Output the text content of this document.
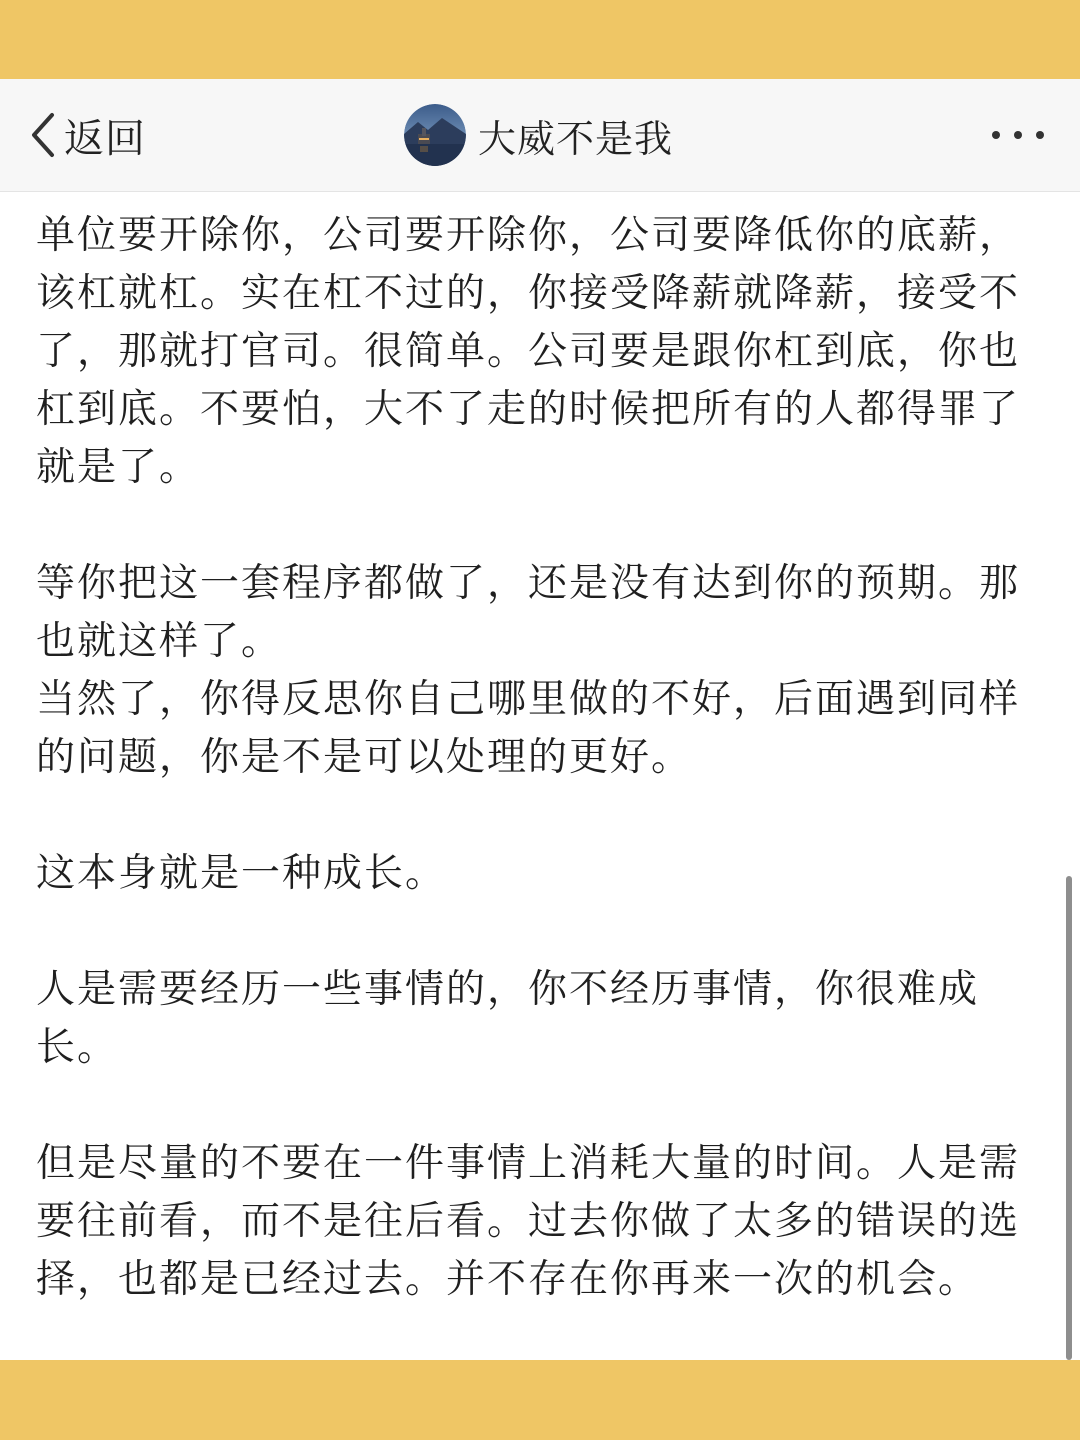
返回	大威不是我

单位要开除你，公司要开除你，公司要降低你的底薪，该杠就杠。实在杠不过的，你接受降薪就降薪，接受不了，那就打官司。很简单。公司要是跟你杠到底，你也杠到底。不要怕，大不了走的时候把所有的人都得罪了就是了。

等你把这一套程序都做了，还是没有达到你的预期。那也就这样了。

当然了，你得反思你自己哪里做的不好，后面遇到同样的问题，你是不是可以处理的更好。

这本身就是一种成长。

人是需要经历一些事情的，你不经历事情，你很难成长。

但是尽量的不要在一件事情上消耗大量的时间。人是需要往前看，而不是往后看。过去你做了太多的错误的选择，也都是已经过去。并不存在你再来一次的机会。
